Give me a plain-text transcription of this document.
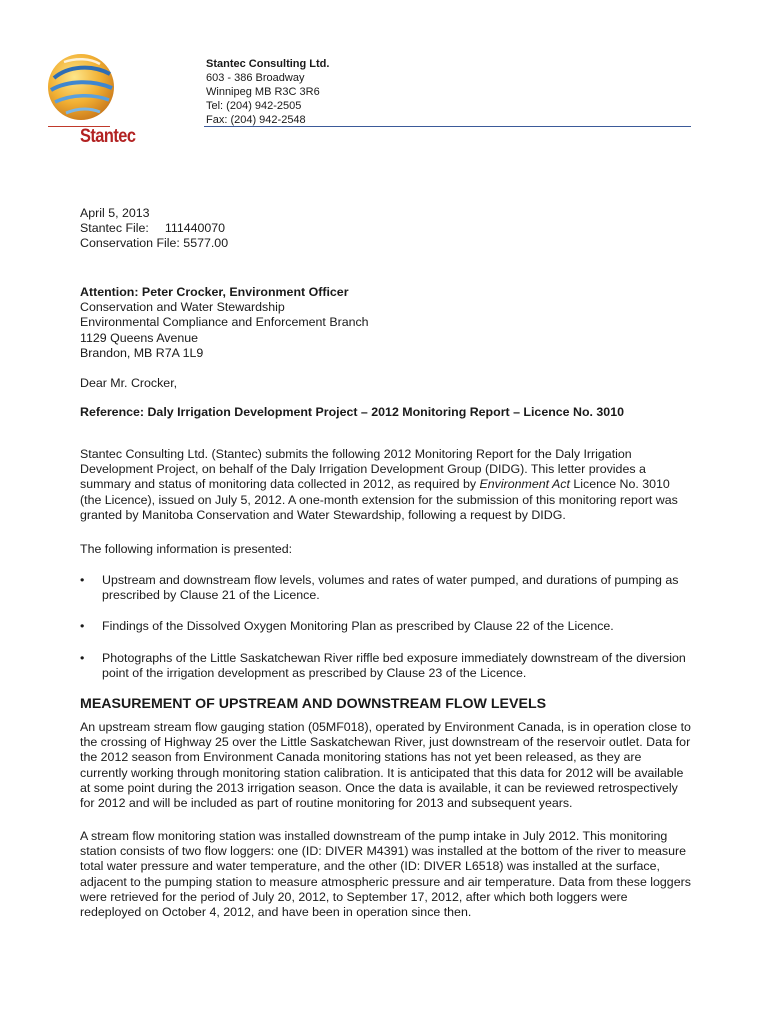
Stantec
Stantec Consulting Ltd.
603 - 386 Broadway
Winnipeg MB R3C 3R6
Tel: (204) 942-2505
Fax: (204) 942-2548
April 5, 2013
Stantec File: 111440070
Conservation File: 5577.00
Attention: Peter Crocker, Environment Officer
Conservation and Water Stewardship
Environmental Compliance and Enforcement Branch
1129 Queens Avenue
Brandon, MB R7A 1L9
Dear Mr. Crocker,
Reference: Daly Irrigation Development Project – 2012 Monitoring Report – Licence No. 3010
Stantec Consulting Ltd. (Stantec) submits the following 2012 Monitoring Report for the Daly Irrigation Development Project, on behalf of the Daly Irrigation Development Group (DIDG). This letter provides a summary and status of monitoring data collected in 2012, as required by Environment Act Licence No. 3010 (the Licence), issued on July 5, 2012. A one-month extension for the submission of this monitoring report was granted by Manitoba Conservation and Water Stewardship, following a request by DIDG.
The following information is presented:
• Upstream and downstream flow levels, volumes and rates of water pumped, and durations of pumping as prescribed by Clause 21 of the Licence.
• Findings of the Dissolved Oxygen Monitoring Plan as prescribed by Clause 22 of the Licence.
• Photographs of the Little Saskatchewan River riffle bed exposure immediately downstream of the diversion point of the irrigation development as prescribed by Clause 23 of the Licence.
MEASUREMENT OF UPSTREAM AND DOWNSTREAM FLOW LEVELS
An upstream stream flow gauging station (05MF018), operated by Environment Canada, is in operation close to the crossing of Highway 25 over the Little Saskatchewan River, just downstream of the reservoir outlet. Data for the 2012 season from Environment Canada monitoring stations has not yet been released, as they are currently working through monitoring station calibration. It is anticipated that this data for 2012 will be available at some point during the 2013 irrigation season. Once the data is available, it can be reviewed retrospectively for 2012 and will be included as part of routine monitoring for 2013 and subsequent years.
A stream flow monitoring station was installed downstream of the pump intake in July 2012. This monitoring station consists of two flow loggers: one (ID: DIVER M4391) was installed at the bottom of the river to measure total water pressure and water temperature, and the other (ID: DIVER L6518) was installed at the surface, adjacent to the pumping station to measure atmospheric pressure and air temperature. Data from these loggers were retrieved for the period of July 20, 2012, to September 17, 2012, after which both loggers were redeployed on October 4, 2012, and have been in operation since then.
